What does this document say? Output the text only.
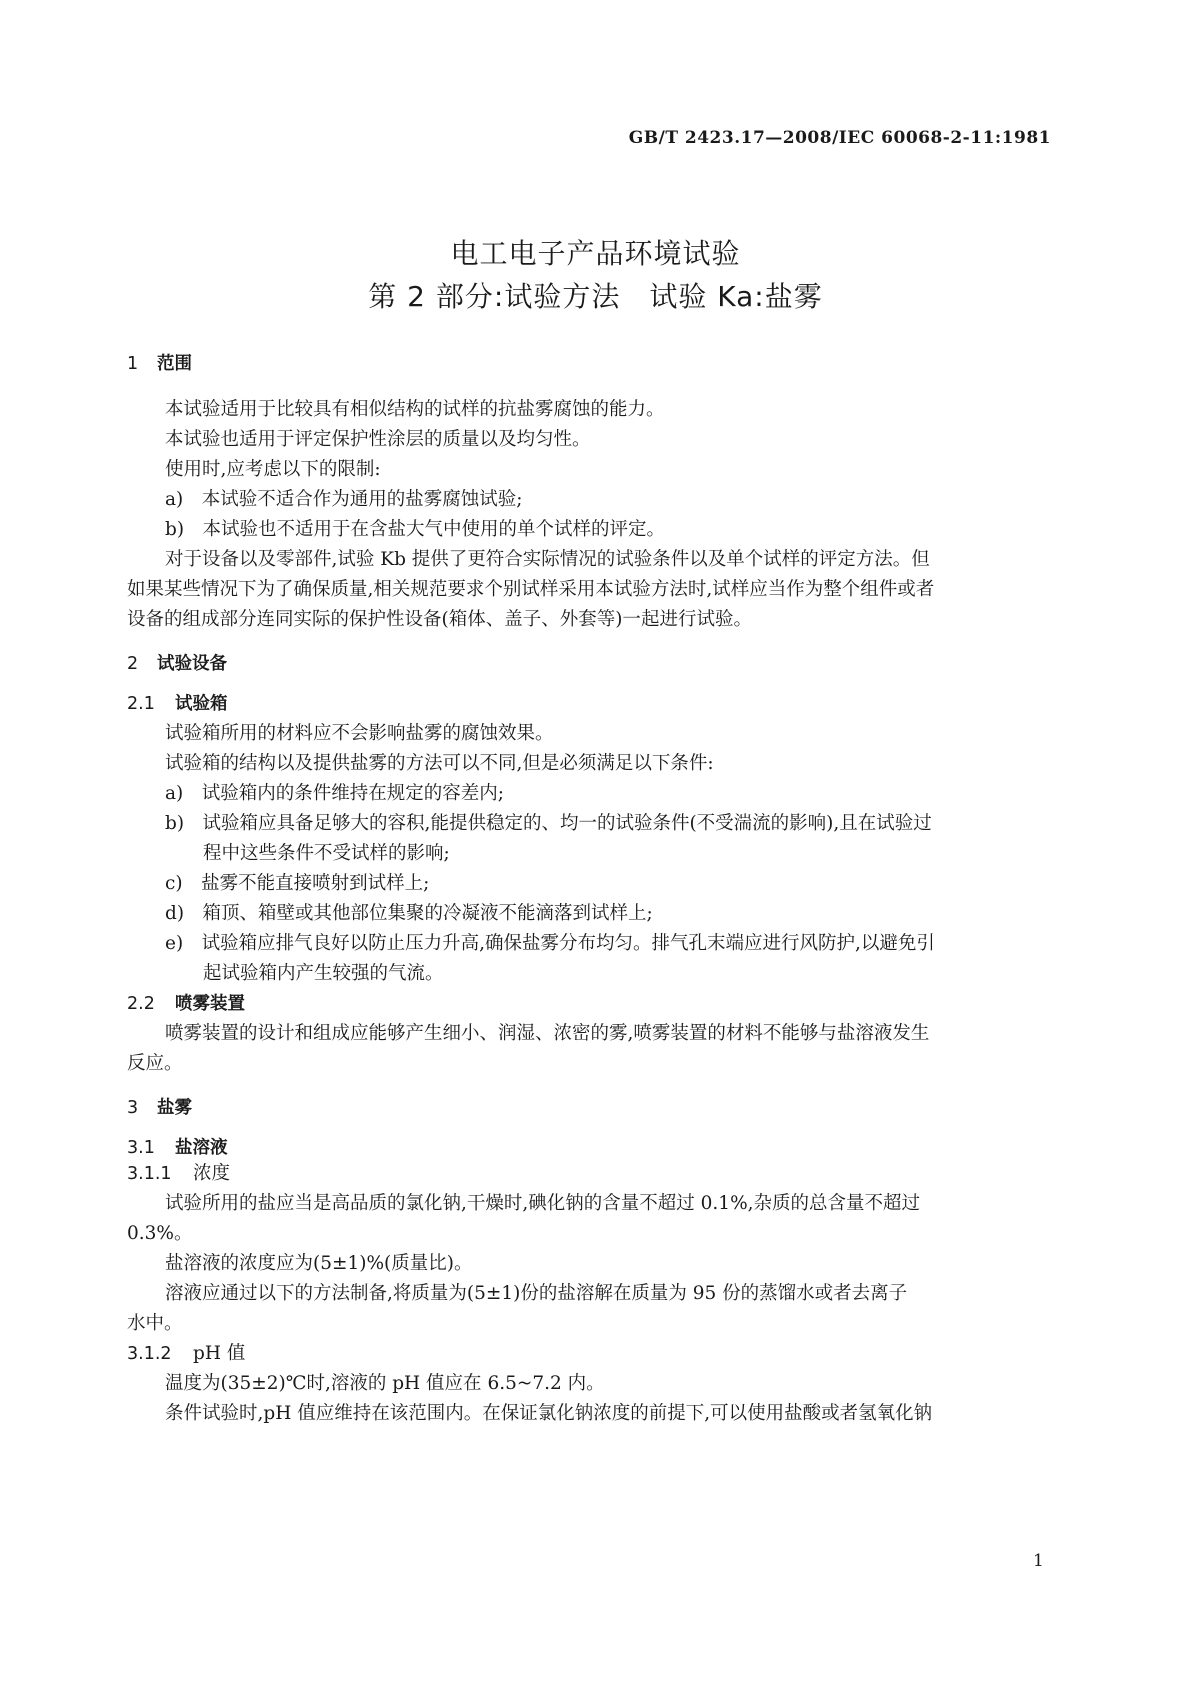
GB/T 2423.17—2008/IEC 60068-2-11:1981
电工电子产品环境试验
第 2 部分:试验方法　试验 Ka:盐雾
1 范围
本试验适用于比较具有相似结构的试样的抗盐雾腐蚀的能力。
本试验也适用于评定保护性涂层的质量以及均匀性。
使用时,应考虑以下的限制:
a)　本试验不适合作为通用的盐雾腐蚀试验;
b)　本试验也不适用于在含盐大气中使用的单个试样的评定。
对于设备以及零部件,试验 Kb 提供了更符合实际情况的试验条件以及单个试样的评定方法。但
如果某些情况下为了确保质量,相关规范要求个别试样采用本试验方法时,试样应当作为整个组件或者
设备的组成部分连同实际的保护性设备(箱体、盖子、外套等)一起进行试验。
2 试验设备
2.1 试验箱
试验箱所用的材料应不会影响盐雾的腐蚀效果。
试验箱的结构以及提供盐雾的方法可以不同,但是必须满足以下条件:
a)　试验箱内的条件维持在规定的容差内;
b)　试验箱应具备足够大的容积,能提供稳定的、均一的试验条件(不受湍流的影响),且在试验过
程中这些条件不受试样的影响;
c)　盐雾不能直接喷射到试样上;
d)　箱顶、箱壁或其他部位集聚的冷凝液不能滴落到试样上;
e)　试验箱应排气良好以防止压力升高,确保盐雾分布均匀。排气孔末端应进行风防护,以避免引
起试验箱内产生较强的气流。
2.2 喷雾装置
喷雾装置的设计和组成应能够产生细小、润湿、浓密的雾,喷雾装置的材料不能够与盐溶液发生
反应。
3 盐雾
3.1 盐溶液
3.1.1 浓度
试验所用的盐应当是高品质的氯化钠,干燥时,碘化钠的含量不超过 0.1%,杂质的总含量不超过
0.3%。
盐溶液的浓度应为(5±1)%(质量比)。
溶液应通过以下的方法制备,将质量为(5±1)份的盐溶解在质量为 95 份的蒸馏水或者去离子
水中。
3.1.2 pH 值
温度为(35±2)℃时,溶液的 pH 值应在 6.5~7.2 内。
条件试验时,pH 值应维持在该范围内。在保证氯化钠浓度的前提下,可以使用盐酸或者氢氧化钠
1
